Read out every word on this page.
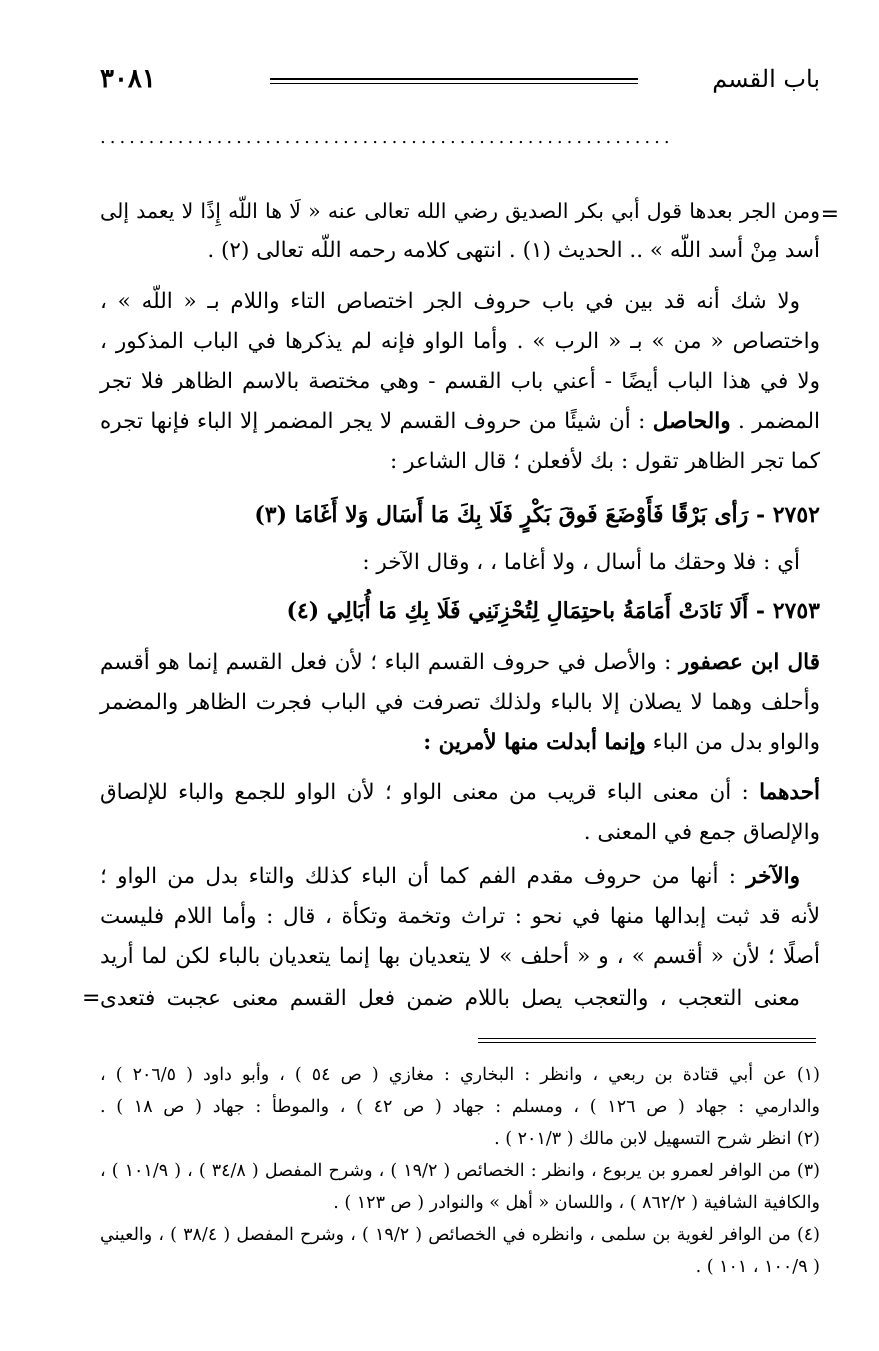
باب القسم
٣٠٨١
...........................................................
=
ومن الجر بعدها قول أبي بكر الصديق رضي الله تعالى عنه « لَا ها اللّه إِذًا لا يعمد إلى
أسد مِنْ أسد اللّه » .. الحديث (١) . انتهى كلامه رحمه اللّه تعالى (٢) .
ولا شك أنه قد بين في باب حروف الجر اختصاص التاء واللام بـ « اللّه » ،
واختصاص « من » بـ « الرب » . وأما الواو فإنه لم يذكرها في الباب المذكور ،
ولا في هذا الباب أيضًا - أعني باب القسم - وهي مختصة بالاسم الظاهر فلا تجر
المضمر . والحاصل : أن شيئًا من حروف القسم لا يجر المضمر إلا الباء فإنها تجره
كما تجر الظاهر تقول : بك لأفعلن ؛ قال الشاعر :
٢٧٥٢ - رَأى بَرْقًا فَأَوْضَعَ فَوقَ بَكْرٍ فَلَا بِكَ مَا أَسَال وَلا أَغَامَا (٣)
أي : فلا وحقك ما أسال ، ولا أغاما ، ، وقال الآخر :
٢٧٥٣ - أَلَا نَادَتْ أَمَامَةُ باحتِمَالِ لِتُحْزِنَنِي فَلَا بِكِ مَا أُبَالِي (٤)
قال ابن عصفور : والأصل في حروف القسم الباء ؛ لأن فعل القسم إنما هو أقسم
وأحلف وهما لا يصلان إلا بالباء ولذلك تصرفت في الباب فجرت الظاهر والمضمر
والواو بدل من الباء وإنما أبدلت منها لأمرين :
أحدهما : أن معنى الباء قريب من معنى الواو ؛ لأن الواو للجمع والباء للإلصاق
والإلصاق جمع في المعنى .
والآخر : أنها من حروف مقدم الفم كما أن الباء كذلك والتاء بدل من الواو ؛
لأنه قد ثبت إبدالها منها في نحو : تراث وتخمة وتكأة ، قال : وأما اللام فليست
أصلًا ؛ لأن « أقسم » ، و « أحلف » لا يتعديان بها إنما يتعديان بالباء لكن لما أريد
معنى التعجب ، والتعجب يصل باللام ضمن فعل القسم معنى عجبت فتعدى
=
(١) عن أبي قتادة بن ربعي ، وانظر : البخاري : مغازي ( ص ٥٤ ) ، وأبو داود ( ٢٠٦/٥ ) ،
والدارمي : جهاد ( ص ١٢٦ ) ، ومسلم : جهاد ( ص ٤٢ ) ، والموطأ : جهاد ( ص ١٨ ) .
(٢) انظر شرح التسهيل لابن مالك ( ٢٠١/٣ ) .
(٣) من الوافر لعمرو بن يربوع ، وانظر : الخصائص ( ١٩/٢ ) ، وشرح المفصل ( ٣٤/٨ ) ، ( ١٠١/٩ ) ،
والكافية الشافية ( ٨٦٢/٢ ) ، واللسان « أهل » والنوادر ( ص ١٢٣ ) .
(٤) من الوافر لغوية بن سلمى ، وانظره في الخصائص ( ١٩/٢ ) ، وشرح المفصل ( ٣٨/٤ ) ، والعيني
( ١٠٠/٩ ، ١٠١ ) .
